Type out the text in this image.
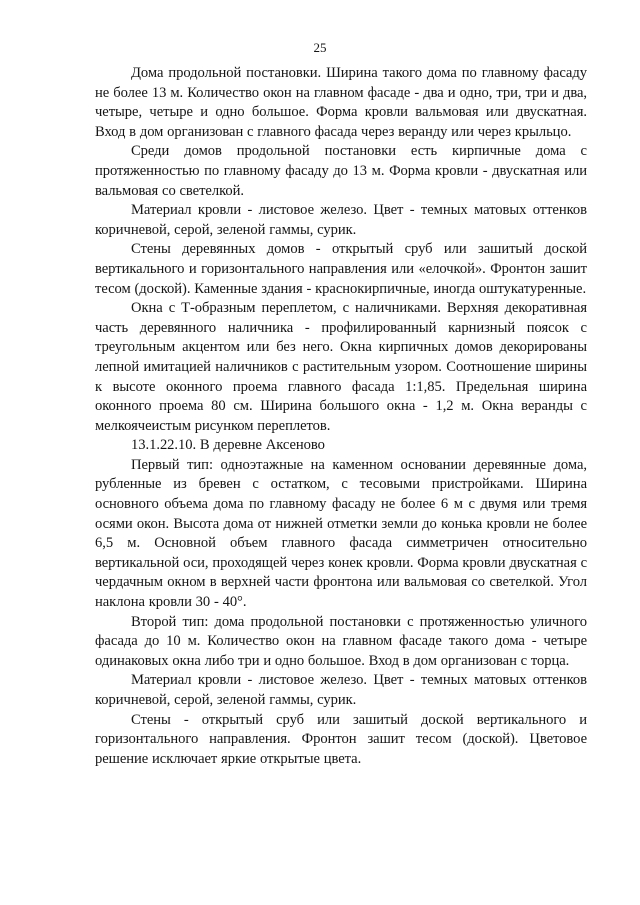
25

Дома продольной постановки. Ширина такого дома по главному фасаду не более 13 м. Количество окон на главном фасаде - два и одно, три, три и два, четыре, четыре и одно большое. Форма кровли вальмовая или двускатная. Вход в дом организован с главного фасада через веранду или через крыльцо.

Среди домов продольной постановки есть кирпичные дома с протяженностью по главному фасаду до 13 м. Форма кровли - двускатная или вальмовая со светелкой.

Материал кровли - листовое железо. Цвет - темных матовых оттенков коричневой, серой, зеленой гаммы, сурик.

Стены деревянных домов - открытый сруб или зашитый доской вертикального и горизонтального направления или «елочкой». Фронтон зашит тесом (доской). Каменные здания - краснокирпичные, иногда оштукатуренные.

Окна с Т-образным переплетом, с наличниками. Верхняя декоративная часть деревянного наличника - профилированный карнизный поясок с треугольным акцентом или без него. Окна кирпичных домов декорированы лепной имитацией наличников с растительным узором. Соотношение ширины к высоте оконного проема главного фасада 1:1,85. Предельная ширина оконного проема 80 см. Ширина большого окна - 1,2 м. Окна веранды с мелкоячеистым рисунком переплетов.

13.1.22.10. В деревне Аксеново

Первый тип: одноэтажные на каменном основании деревянные дома, рубленные из бревен с остатком, с тесовыми пристройками. Ширина основного объема дома по главному фасаду не более 6 м с двумя или тремя осями окон. Высота дома от нижней отметки земли до конька кровли не более 6,5 м. Основной объем главного фасада симметричен относительно вертикальной оси, проходящей через конек кровли. Форма кровли двускатная с чердачным окном в верхней части фронтона или вальмовая со светелкой. Угол наклона кровли 30 - 40°.

Второй тип: дома продольной постановки с протяженностью уличного фасада до 10 м. Количество окон на главном фасаде такого дома - четыре одинаковых окна либо три и одно большое. Вход в дом организован с торца.

Материал кровли - листовое железо. Цвет - темных матовых оттенков коричневой, серой, зеленой гаммы, сурик.

Стены - открытый сруб или зашитый доской вертикального и горизонтального направления. Фронтон зашит тесом (доской). Цветовое решение исключает яркие открытые цвета.
